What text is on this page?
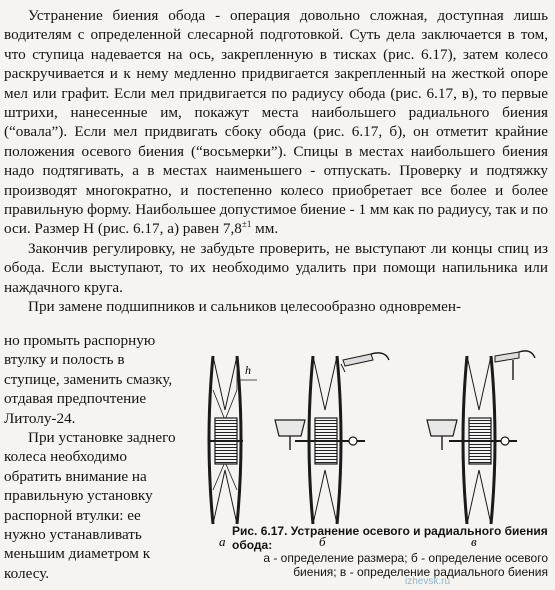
Устранение биения обода - операция довольно сложная, доступная лишь водителям с определенной слесарной подготовкой. Суть дела заключается в том, что ступица надевается на ось, закрепленную в тисках (рис. 6.17), затем колесо раскручивается и к нему медленно придвигается закрепленный на жесткой опоре мел или графит. Если мел придвигается по радиусу обода (рис. 6.17, в), то первые штрихи, нанесенные им, покажут места наибольшего радиального биения (“овала”). Если мел придвигать сбоку обода (рис. 6.17, б), он отметит крайние положения осевого биения (“восьмерки”). Спицы в местах наибольшего биения надо подтягивать, а в местах наименьшего - отпускать. Проверку и подтяжку производят многократно, и постепенно колесо приобретает все более и более правильную форму. Наибольшее допустимое биение - 1 мм как по радиусу, так и по оси. Размер Н (рис. 6.17, а) равен $7,8^{\pm 1}$ мм.

Закончив регулировку, не забудьте проверить, не выступают ли концы спиц из обода. Если выступают, то их необходимо удалить при помощи напильника или наждачного круга.

При замене подшипников и сальников целесообразно одновремен-

но промыть распорную втулку и полость в ступице, заменить смазку, отдавая предпочтение Литолу-24.

При установке заднего колеса необходимо обратить внимание на правильную установку распорной втулки: ее нужно устанавливать меньшим диаметром к колесу.

h
а	б	в
Рис. 6.17. Устранение осевого и радиального биения обода:
а - определение размера; б - определение осевого биения; в - определение радиального биения
izhevsk.ru
